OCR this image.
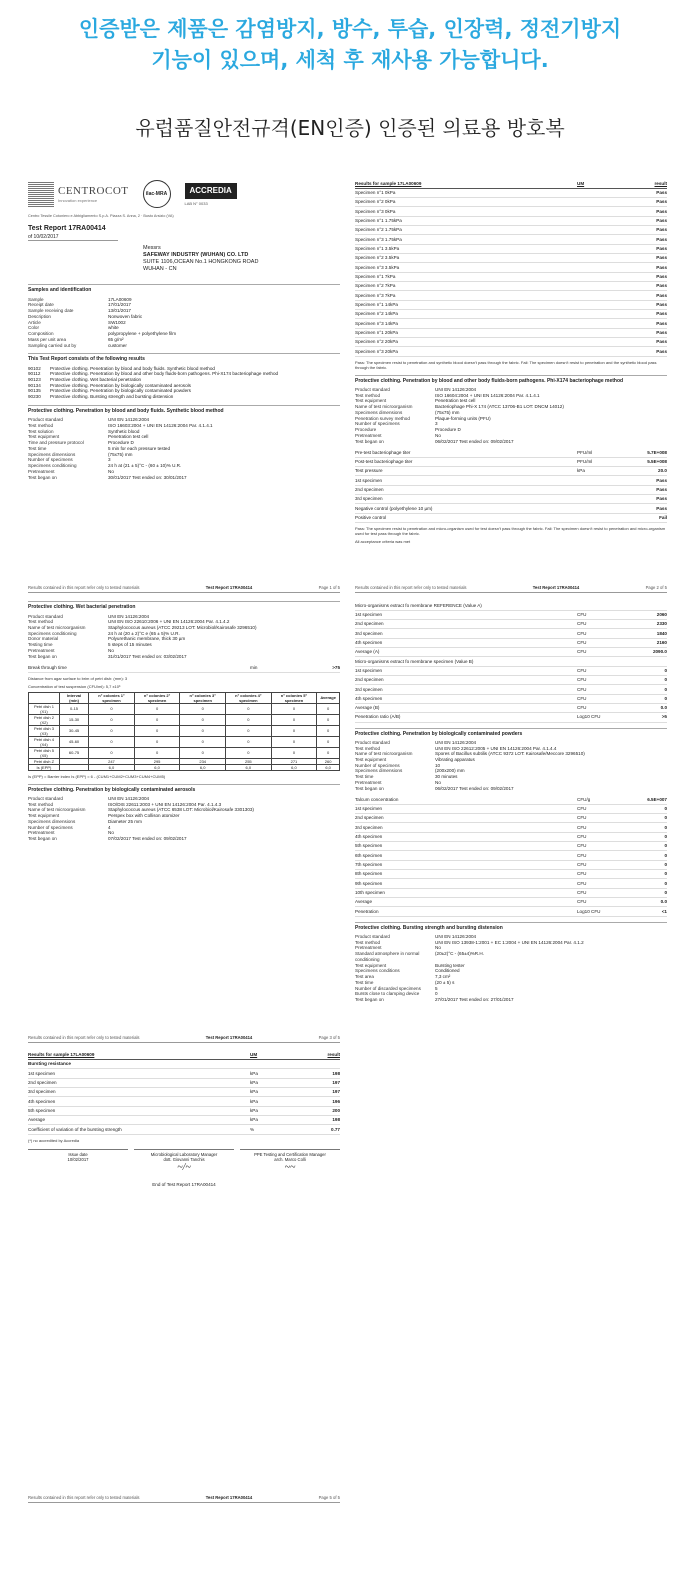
인증받은 제품은 감염방지, 방수, 투습, 인장력, 정전기방지
기능이 있으며, 세척 후 재사용 가능합니다.
유럽품질안전규격(EN인증) 인증된 의료용 방호복
CENTROCOT
Innovation experience
ilac-MRA	ACCREDIA
LAB N° 0033
Centro Tessile Cotoniero e Abbigliamento S.p.A. Piazza S. Anna, 2 · Busto Arsizio (VA)
Test Report 17RA00414
of 10/02/2017
Messrs
SAFEWAY INDUSTRY (WUHAN) CO. LTD
SUITE 1106,OCEAN No.1 HONGKONG ROAD
WUHAN - CN
Samples and identification
Sample	17LA00609
Receipt date	17/01/2017
Sample receiving date	13/01/2017
Description	Nonwoven fabric
Article	SW1002
Color	white
Composition	polypropylene + polyethylene film
Mass per unit area	65 g/m²
Sampling carried out by	customer
This Test Report consists of the following results
90102	Protective clothing. Penetration by blood and body fluids. Synthetic blood method
90112	Protective clothing. Penetration by blood and other body fluids-born pathogens. Phi-X174 bacteriophage method
90123	Protective clothing. Wet bacterial penetration
90134	Protective clothing. Penetration by biologically contaminated aerosols
90135	Protective clothing. Penetration by biologically contaminated powders
90230	Protective clothing. Bursting strength and bursting distension
Protective clothing. Penetration by blood and body fluids. Synthetic blood method
Product standard	UNI EN 14126:2004
Test method	ISO 16603:2004 + UNI EN 14126:2004 Par. 4.1.4.1
Test solution	Synthetic blood
Test equipment	Penetration test cell
Time and pressure protocol	Procedure D
Test time	5 min for each pressure tested
Specimens dimensions	(75x75) mm
Number of specimens	3
Specimens conditioning	24 h at (21 ± 5)°C - (60 ± 10)% U.R.
Pretreatment	No
Test began on	30/01/2017 Test ended on: 30/01/2017
Results for sample 17LA00609	UM	result
Specimen n°1 0kPa		Pass
Specimen n°2 0kPa		Pass
Specimen n°3 0kPa		Pass
Specimen n°1 1.75kPa		Pass
Specimen n°2 1.75kPa		Pass
Specimen n°3 1.75kPa		Pass
Specimen n°1 3.5kPa		Pass
Specimen n°2 3.5kPa		Pass
Specimen n°3 3.5kPa		Pass
Specimen n°1 7kPa		Pass
Specimen n°2 7kPa		Pass
Specimen n°3 7kPa		Pass
Specimen n°1 14kPa		Pass
Specimen n°2 14kPa		Pass
Specimen n°3 14kPa		Pass
Specimen n°1 20kPa		Pass
Specimen n°2 20kPa		Pass
Specimen n°3 20kPa		Pass
Pass: The specimen resist to penetration and synthetic blood doesn't pass through the fabric. Fail: The specimen doesn't resist to penetration and the synthetic blood pass through the fabric.
Protective clothing. Penetration by blood and other body fluids-born pathogens. Phi-X174 bacteriophage method
Product standard	UNI EN 14126:2004
Test method	ISO 16604:2004 + UNI EN 14126:2004 Par. 4.1.4.1
Test equipment	Penetration test cell
Name of test microorganism	Bacteriophage Phi-X 174 (ATCC 13706-B1 LOT: DNCM 14012)
Specimens dimensions	(75x75) mm
Penetration survey method	Plaque-forming units (PFU)
Number of specimens	3
Procedure	Procedure D
Pretreatment	No
Test began on	06/02/2017 Test ended on: 09/02/2017
Pre-test bacteriophage titer	PFU/ml	5.7E+008
Post-test bacteriophage titer	PFU/ml	5.5E+008
Test pressure	kPa	20.0
1st specimen		Pass
2nd specimen		Pass
3rd specimen		Pass
Negative control (polyethylene 10 µm)		Pass
Positive control		Fail
Pass: The specimen resist to penetration and micro-organism used for test doesn't pass through the fabric. Fail: The specimen doesn't resist to penetration and micro-organism used for test pass through the fabric.
All acceptance criteria was met
Results contained in this report refer only to tested materials	Test Report 17RA00414	Page 1 of 5
Protective clothing. Wet bacterial penetration
Product standard	UNI EN 14126:2004
Test method	UNI EN ISO 22610:2006 + UNI EN 14126:2004 Par. 4.1.4.2
Name of test microorganism	Staphylococcus aureus (ATCC 29213 LOT: Microbiol/Kairosafe 3296510)
Specimens conditioning	24 h at (20 ± 2)°C e (65 ± 5)% U.R.
Donor material	Polyurethanic membrane, thick 30 µm
Testing time	5 steps of 15 minutes
Pretreatment	No
Test began on	31/01/2017 Test ended on: 03/02/2017
Break through time	min	>75
Distance from agar surface to brim of petri dish: (mm): 3
Concentration of test suspension (CFU/ml): 5,7 x10⁶
	Interval (min)	n° colonies 1° specimen	n° colonies 2° specimen	n° colonies 3° specimen	n° colonies 4° specimen	n° colonies 5° specimen	Average
Petri dish 1 (X1)	0-15	0	0	0	0	0	0
Petri dish 2 (X2)	15-30	0	0	0	0	0	0
Petri dish 3 (X3)	30-45	0	0	0	0	0	0
Petri dish 4 (X4)	45-60	0	0	0	0	0	0
Petri dish 5 (X5)	60-75	0	0	0	0	0	0
Petri dish Z		247	295	234	255	271	260
Is (EPP)		6,0	6,0	6,0	6,0	6,0	6,0
Is (EPP) = Barrier index Is (EPP) = 6 - (CUM1+CUM2+CUM3+CUM4+CUM5)
Protective clothing. Penetration by biologically contaminated aerosols
Product standard	UNI EN 14126:2004
Test method	ISO/DIS 22611:2003 + UNI EN 14126:2004 Par. 4.1.4.3
Name of test microorganism	Staphylococcus aureus (ATCC 6538 LOT: Microbiol/Kairosafe 3301303)
Test equipment	Perspex box with Collison atomizer
Specimens dimensions	Diameter 25 mm
Number of specimens	4
Pretreatment	No
Test began on	07/02/2017 Test ended on: 09/02/2017
Results contained in this report refer only to tested materials	Test Report 17RA00414	Page 2 of 5
Micro-organisms extract fo membrane REFERENCE (Value A)		
1st specimen	CFU	2060
2nd specimen	CFU	2330
3rd specimen	CFU	1840
4th specimen	CFU	2160
Average (A)	CFU	2090.0
Micro-organisms extract fo membrane specimen (Value B)		
1st specimen	CFU	0
2nd specimen	CFU	0
3rd specimen	CFU	0
4th specimen	CFU	0
Average (B)	CFU	0.0
Penetration ratio (A/B)	Log10 CFU	>5
Protective clothing. Penetration by biologically contaminated powders
Product standard	UNI EN 14126:2004
Test method	UNI EN ISO 22612:2005 + UNI EN 14126:2004 Par. 4.1.4.4
Name of test microorganism	Spores of Bacillus subtilis (ATCC 9372 LOT: Kairosafe/Meccore 3296510)
Test equipment	Vibrating apparatus
Number of specimens	10
Specimens dimensions	(200x200) mm
Test time	30 minutes
Pretreatment	No
Test began on	06/02/2017 Test ended on: 09/02/2017
Talcum concentration	CFU/g	6.5E+007
1st specimen	CFU	0
2nd specimen	CFU	0
3rd specimen	CFU	0
4th specimen	CFU	0
5th specimen	CFU	0
6th specimen	CFU	0
7th specimen	CFU	0
8th specimen	CFU	0
9th specimen	CFU	0
10th specimen	CFU	0
Average	CFU	0.0
Penetration	Log10 CFU	<1
Protective clothing. Bursting strength and bursting distension
Product standard	UNI EN 14126:2004
Test method	UNI EN ISO 13938-1:2001 + EC 1:2004 + UNI EN 14126:2004 Par. 4.1.2
Pretreatment	No
Standard atmosphere in normal conditioning
(20±2)°C - (65±4)%R.H.
Test equipment	Bursting tester
Specimens conditions	Conditioned
Test area	7,3 cm²
Test time	(20 ± 5) s
Number of discarded specimens	5
Bursts close to clamping device	0
Test began on	27/01/2017 Test ended on: 27/01/2017
Results contained in this report refer only to tested materials	Test Report 17RA00414	Page 3 of 5
Results for sample 17LA00609	UM	result
Bursting resistance		
1st specimen	kPa	198
2nd specimen	kPa	197
3rd specimen	kPa	197
4th specimen	kPa	196
5th specimen	kPa	200
Average	kPa	198
Coefficient of variation of the bursting strength	%	0.77
(*) no accredited by Accredia
Issue date
10/02/2017
Microbiological Laboratory Manager
dott. Giovanni Tanchis
~/~
PPE Testing and Certification Manager
arch. Marco Colli
~~
End of Test Report 17RA00414
Results contained in this report refer only to tested materials	Test Report 17RA00414	Page 5 of 5
